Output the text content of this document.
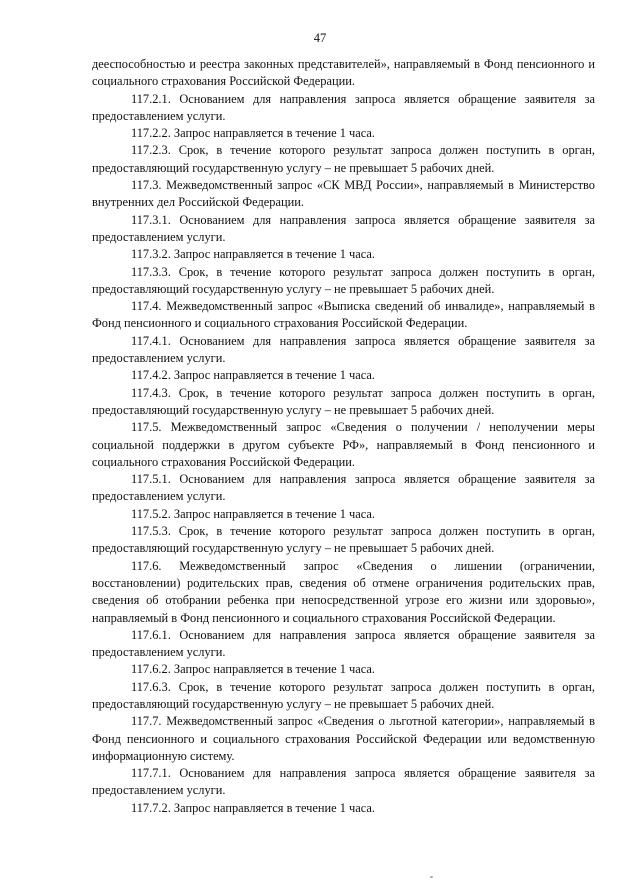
47

дееспособностью и реестра законных представителей», направляемый в Фонд пенсионного и социального страхования Российской Федерации.

117.2.1. Основанием для направления запроса является обращение заявителя за предоставлением услуги.

117.2.2. Запрос направляется в течение 1 часа.

117.2.3. Срок, в течение которого результат запроса должен поступить в орган, предоставляющий государственную услугу – не превышает 5 рабочих дней.

117.3. Межведомственный запрос «СК МВД России», направляемый в Министерство внутренних дел Российской Федерации.

117.3.1. Основанием для направления запроса является обращение заявителя за предоставлением услуги.

117.3.2. Запрос направляется в течение 1 часа.

117.3.3. Срок, в течение которого результат запроса должен поступить в орган, предоставляющий государственную услугу – не превышает 5 рабочих дней.

117.4. Межведомственный запрос «Выписка сведений об инвалиде», направляемый в Фонд пенсионного и социального страхования Российской Федерации.

117.4.1. Основанием для направления запроса является обращение заявителя за предоставлением услуги.

117.4.2. Запрос направляется в течение 1 часа.

117.4.3. Срок, в течение которого результат запроса должен поступить в орган, предоставляющий государственную услугу – не превышает 5 рабочих дней.

117.5. Межведомственный запрос «Сведения о получении / неполучении меры социальной поддержки в другом субъекте РФ», направляемый в Фонд пенсионного и социального страхования Российской Федерации.

117.5.1. Основанием для направления запроса является обращение заявителя за предоставлением услуги.

117.5.2. Запрос направляется в течение 1 часа.

117.5.3. Срок, в течение которого результат запроса должен поступить в орган, предоставляющий государственную услугу – не превышает 5 рабочих дней.

117.6. Межведомственный запрос «Сведения о лишении (ограничении, восстановлении) родительских прав, сведения об отмене ограничения родительских прав, сведения об отобрании ребенка при непосредственной угрозе его жизни или здоровью», направляемый в Фонд пенсионного и социального страхования Российской Федерации.

117.6.1. Основанием для направления запроса является обращение заявителя за предоставлением услуги.

117.6.2. Запрос направляется в течение 1 часа.

117.6.3. Срок, в течение которого результат запроса должен поступить в орган, предоставляющий государственную услугу – не превышает 5 рабочих дней.

117.7. Межведомственный запрос «Сведения о льготной категории», направляемый в Фонд пенсионного и социального страхования Российской Федерации или ведомственную информационную систему.

117.7.1. Основанием для направления запроса является обращение заявителя за предоставлением услуги.

117.7.2. Запрос направляется в течение 1 часа.
